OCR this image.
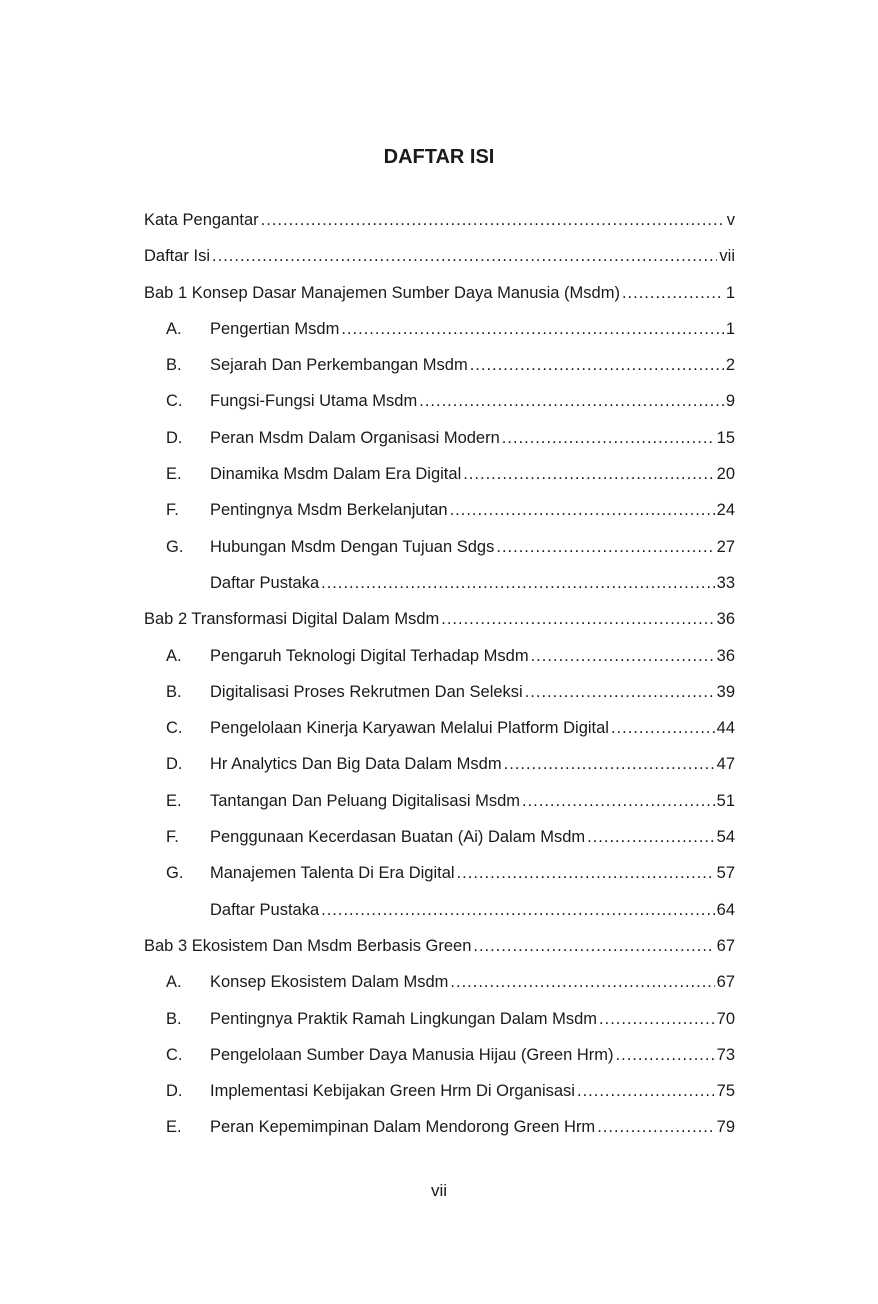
DAFTAR ISI
Kata Pengantar .....	v
Daftar Isi .....	vii
Bab 1 Konsep Dasar Manajemen Sumber Daya Manusia (Msdm) .....	1
A.	Pengertian Msdm .....	1
B.	Sejarah Dan Perkembangan Msdm .....	2
C.	Fungsi-Fungsi Utama Msdm .....	9
D.	Peran Msdm Dalam Organisasi Modern .....	15
E.	Dinamika Msdm Dalam Era Digital .....	20
F.	Pentingnya Msdm Berkelanjutan .....	24
G.	Hubungan Msdm Dengan Tujuan Sdgs .....	27
Daftar Pustaka .....	33
Bab 2 Transformasi Digital Dalam Msdm .....	36
A.	Pengaruh Teknologi Digital Terhadap Msdm .....	36
B.	Digitalisasi Proses Rekrutmen Dan Seleksi .....	39
C.	Pengelolaan Kinerja Karyawan Melalui Platform Digital .....	44
D.	Hr Analytics Dan Big Data Dalam Msdm .....	47
E.	Tantangan Dan Peluang Digitalisasi Msdm .....	51
F.	Penggunaan Kecerdasan Buatan (Ai) Dalam Msdm .....	54
G.	Manajemen Talenta Di Era Digital .....	57
Daftar Pustaka .....	64
Bab 3 Ekosistem Dan Msdm Berbasis Green .....	67
A.	Konsep Ekosistem Dalam Msdm .....	67
B.	Pentingnya Praktik Ramah Lingkungan Dalam Msdm .....	70
C.	Pengelolaan Sumber Daya Manusia Hijau (Green Hrm) .....	73
D.	Implementasi Kebijakan Green Hrm Di Organisasi .....	75
E.	Peran Kepemimpinan Dalam Mendorong Green Hrm .....	79
vii
